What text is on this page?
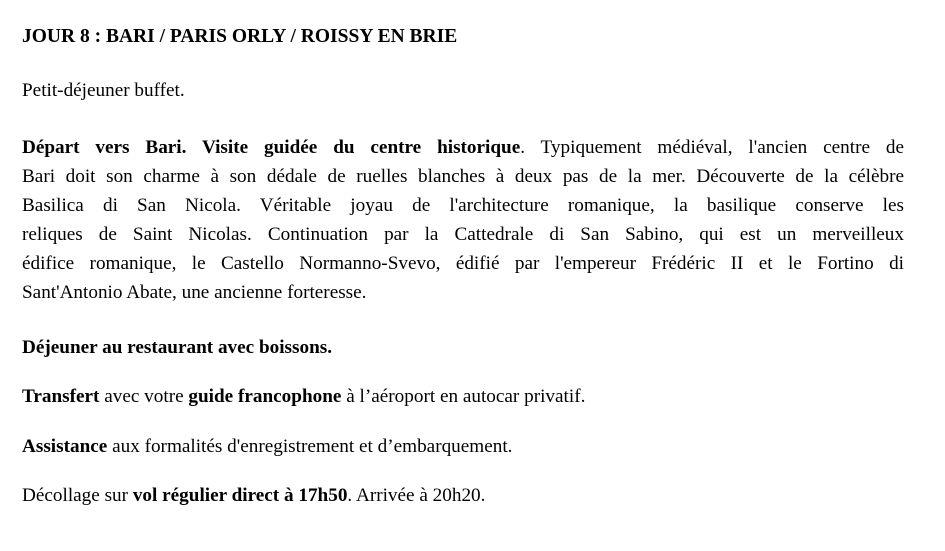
JOUR 8 : BARI / PARIS ORLY / ROISSY EN BRIE

Petit-déjeuner buffet.

Départ vers Bari. Visite guidée du centre historique. Typiquement médiéval, l'ancien centre de
Bari doit son charme à son dédale de ruelles blanches à deux pas de la mer. Découverte de la célèbre
Basilica di San Nicola. Véritable joyau de l'architecture romanique, la basilique conserve les
reliques de Saint Nicolas. Continuation par la Cattedrale di San Sabino, qui est un merveilleux
édifice romanique, le Castello Normanno-Svevo, édifié par l'empereur Frédéric II et le Fortino di
Sant'Antonio Abate, une ancienne forteresse.

Déjeuner au restaurant avec boissons.

Transfert avec votre guide francophone à l’aéroport en autocar privatif.

Assistance aux formalités d'enregistrement et d’embarquement.

Décollage sur vol régulier direct à 17h50. Arrivée à 20h20.
